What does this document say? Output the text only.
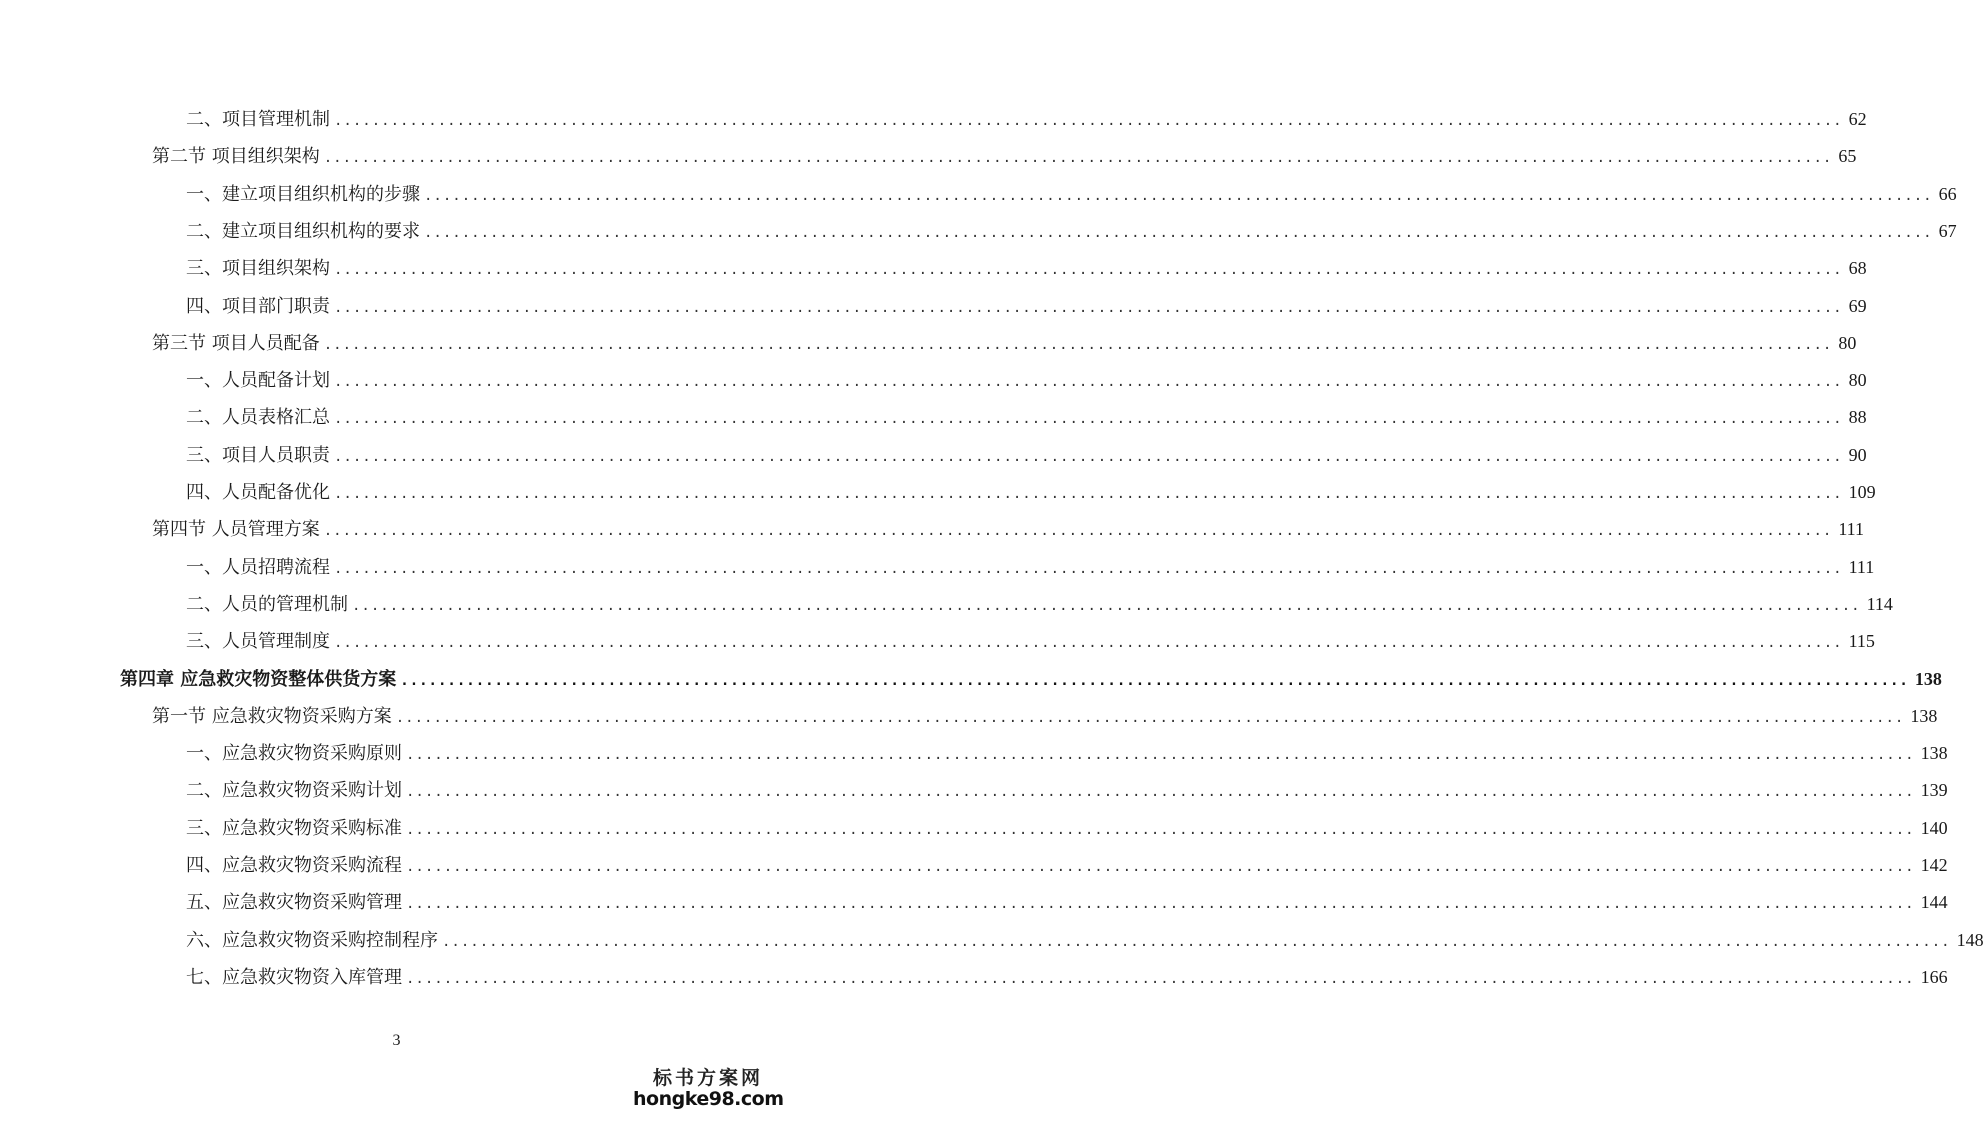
二、项目管理机制 ................................................................................................................................................................ 62
第二节 项目组织架构 ................................................................................................................................................................ 65
一、建立项目组织机构的步骤 ................................................................................................................................................................ 66
二、建立项目组织机构的要求 ................................................................................................................................................................ 67
三、项目组织架构 ................................................................................................................................................................ 68
四、项目部门职责 ................................................................................................................................................................ 69
第三节 项目人员配备 ................................................................................................................................................................ 80
一、人员配备计划 ................................................................................................................................................................ 80
二、人员表格汇总 ................................................................................................................................................................ 88
三、项目人员职责 ................................................................................................................................................................ 90
四、人员配备优化 ................................................................................................................................................................ 109
第四节 人员管理方案 ................................................................................................................................................................ 111
一、人员招聘流程 ................................................................................................................................................................ 111
二、人员的管理机制 ................................................................................................................................................................ 114
三、人员管理制度 ................................................................................................................................................................ 115
第四章 应急救灾物资整体供货方案 ................................................................................................................................................................ 138
第一节 应急救灾物资采购方案 ................................................................................................................................................................ 138
一、应急救灾物资采购原则 ................................................................................................................................................................ 138
二、应急救灾物资采购计划 ................................................................................................................................................................ 139
三、应急救灾物资采购标准 ................................................................................................................................................................ 140
四、应急救灾物资采购流程 ................................................................................................................................................................ 142
五、应急救灾物资采购管理 ................................................................................................................................................................ 144
六、应急救灾物资采购控制程序 ................................................................................................................................................................ 148
七、应急救灾物资入库管理 ................................................................................................................................................................ 166
3
标书方案网
hongke98.com
